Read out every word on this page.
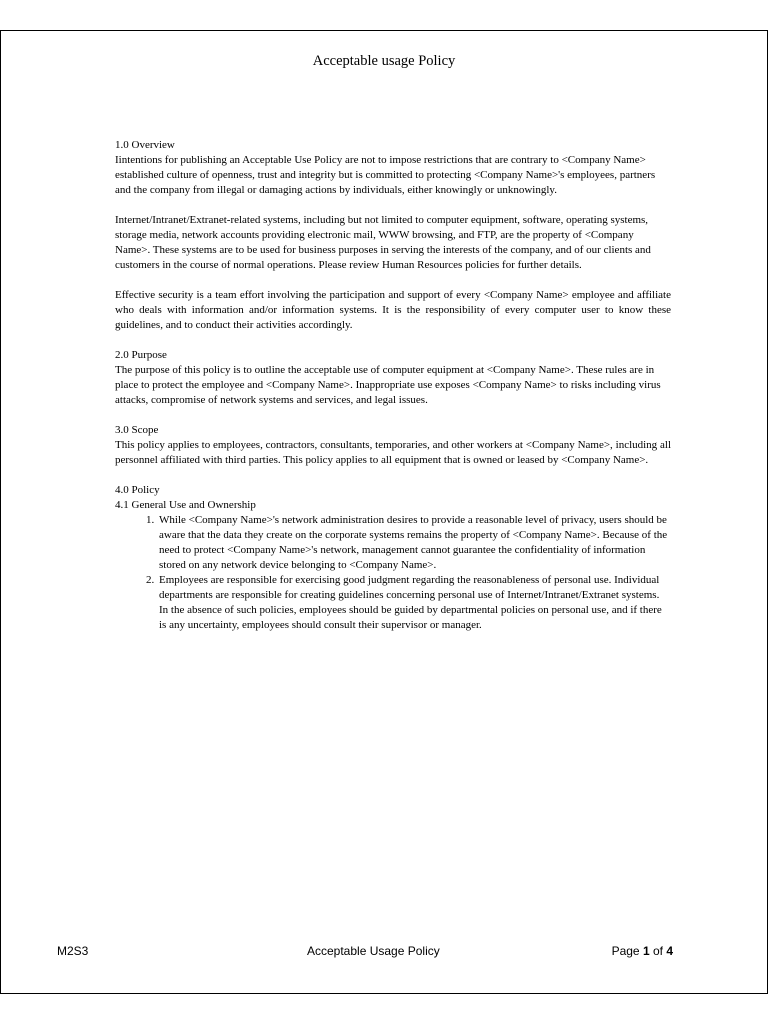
Acceptable usage Policy

1.0 Overview

Iintentions for publishing an Acceptable Use Policy are not to impose restrictions that are contrary to <Company Name> established culture of openness, trust and integrity but is committed to protecting <Company Name>'s employees, partners and the company from illegal or damaging actions by individuals, either knowingly or unknowingly.

Internet/Intranet/Extranet-related systems, including but not limited to computer equipment, software, operating systems, storage media, network accounts providing electronic mail, WWW browsing, and FTP, are the property of <Company Name>. These systems are to be used for business purposes in serving the interests of the company, and of our clients and customers in the course of normal operations. Please review Human Resources policies for further details.

Effective security is a team effort involving the participation and support of every <Company Name> employee and affiliate who deals with information and/or information systems. It is the responsibility of every computer user to know these guidelines, and to conduct their activities accordingly.

2.0 Purpose

The purpose of this policy is to outline the acceptable use of computer equipment at <Company Name>. These rules are in place to protect the employee and <Company Name>. Inappropriate use exposes <Company Name> to risks including virus attacks, compromise of network systems and services, and legal issues.

3.0 Scope

This policy applies to employees, contractors, consultants, temporaries, and other workers at <Company Name>, including all personnel affiliated with third parties. This policy applies to all equipment that is owned or leased by <Company Name>.

4.0 Policy

4.1 General Use and Ownership

1. While <Company Name>'s network administration desires to provide a reasonable level of privacy, users should be aware that the data they create on the corporate systems remains the property of <Company Name>. Because of the need to protect <Company Name>'s network, management cannot guarantee the confidentiality of information stored on any network device belonging to <Company Name>.
2. Employees are responsible for exercising good judgment regarding the reasonableness of personal use. Individual departments are responsible for creating guidelines concerning personal use of Internet/Intranet/Extranet systems. In the absence of such policies, employees should be guided by departmental policies on personal use, and if there is any uncertainty, employees should consult their supervisor or manager.
M2S3	Acceptable Usage Policy	Page 1 of 4
